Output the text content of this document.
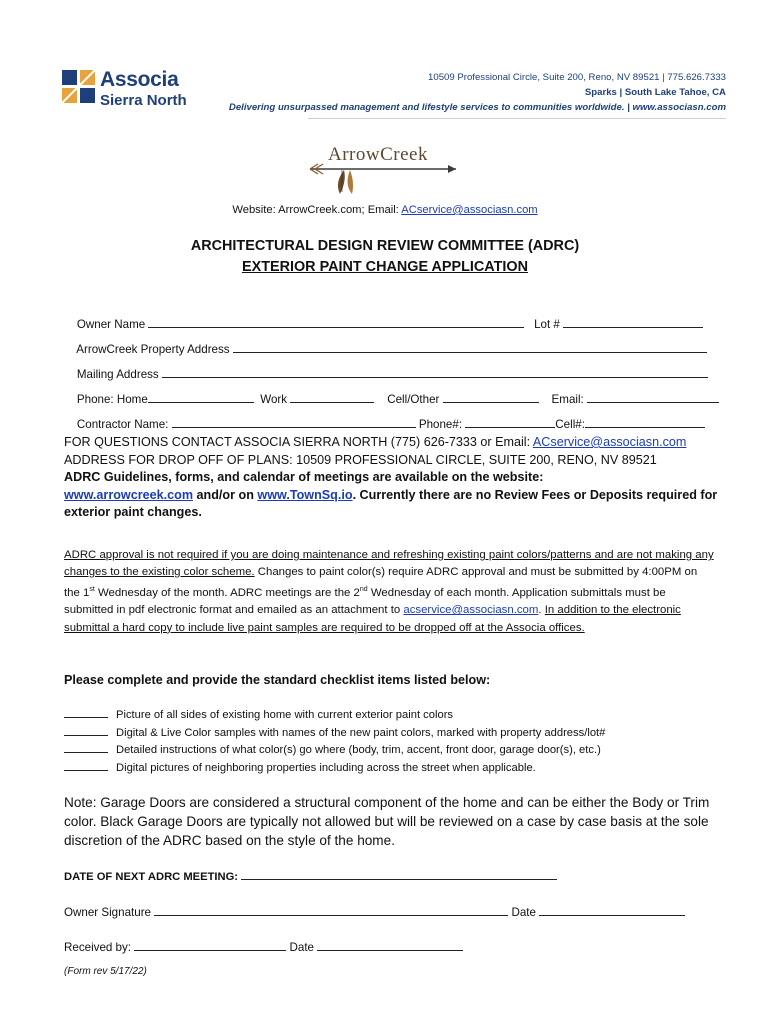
Associa
Sierra North
10509 Professional Circle, Suite 200, Reno, NV 89521 | 775.626.7333
Sparks | South Lake Tahoe, CA
Delivering unsurpassed management and lifestyle services to communities worldwide. | www.associasn.com
ArrowCreek
Website: ArrowCreek.com; Email: ACservice@associasn.com
ARCHITECTURAL DESIGN REVIEW COMMITTEE (ADRC)
EXTERIOR PAINT CHANGE APPLICATION

Owner Name	Lot #

ArrowCreek Property Address

Mailing Address

Phone: Home	Work	Cell/Other	Email:

Contractor Name:	Phone#:	Cell#:

FOR QUESTIONS CONTACT ASSOCIA SIERRA NORTH (775) 626-7333 or Email: ACservice@associasn.com
ADDRESS FOR DROP OFF OF PLANS: 10509 PROFESSIONAL CIRCLE, SUITE 200, RENO, NV 89521
ADRC Guidelines, forms, and calendar of meetings are available on the website:
www.arrowcreek.com and/or on www.TownSq.io. Currently there are no Review Fees or Deposits required for exterior paint changes.
ADRC approval is not required if you are doing maintenance and refreshing existing paint colors/patterns and are not making any changes to the existing color scheme. Changes to paint color(s) require ADRC approval and must be submitted by 4:00PM on the 1st Wednesday of the month. ADRC meetings are the 2nd Wednesday of each month. Application submittals must be submitted in pdf electronic format and emailed as an attachment to acservice@associasn.com. In addition to the electronic submittal a hard copy to include live paint samples are required to be dropped off at the Associa offices.
Please complete and provide the standard checklist items listed below:
Picture of all sides of existing home with current exterior paint colors
Digital & Live Color samples with names of the new paint colors, marked with property address/lot#
Detailed instructions of what color(s) go where (body, trim, accent, front door, garage door(s), etc.)
Digital pictures of neighboring properties including across the street when applicable.
Note: Garage Doors are considered a structural component of the home and can be either the Body or Trim color. Black Garage Doors are typically not allowed but will be reviewed on a case by case basis at the sole discretion of the ADRC based on the style of the home.
DATE OF NEXT ADRC MEETING:
Owner Signature	Date
Received by:	Date
(Form rev 5/17/22)
